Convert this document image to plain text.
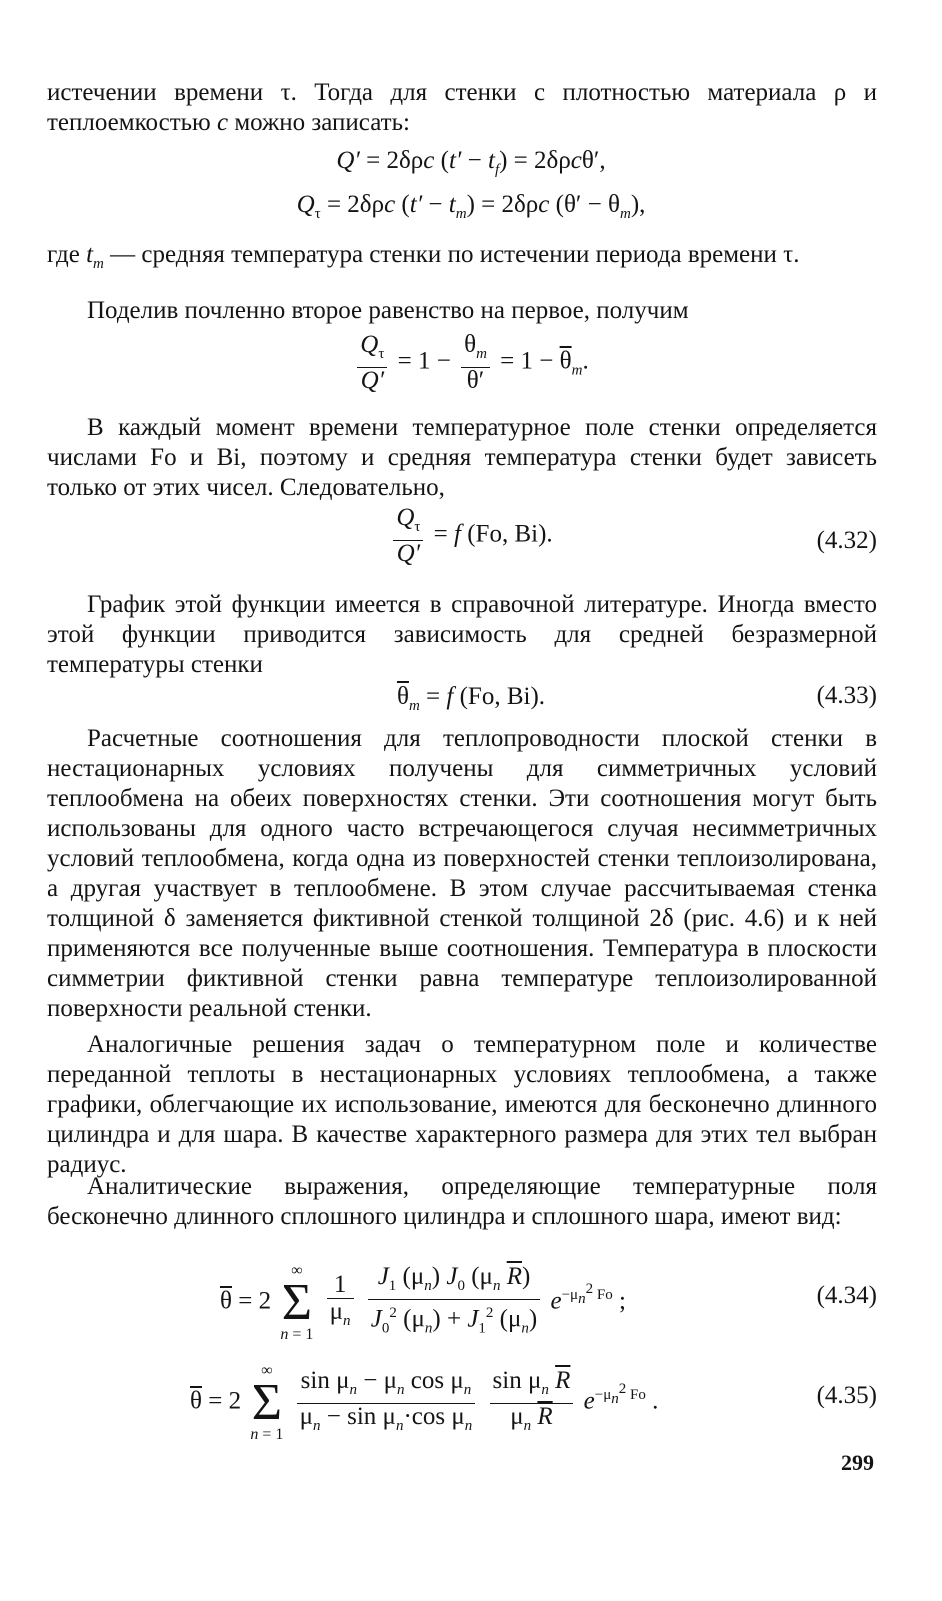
истечении времени τ. Тогда для стенки с плотностью материала ρ и теплоемкостью c можно записать:

Q′ = 2δρc $(t' - t_f) = 2\delta\rho c\theta'$,
$Q_\tau = 2\delta\rho c$ $(t' - t_m) = 2\delta\rho c$ $(\theta' - \theta_m)$,

где $t_m$ — средняя температура стенки по истечении периода времени τ.

Поделив почленно второе равенство на первое, получим

$\frac{Q_\tau}{Q'} = 1 - \frac{\theta_m}{\theta'} = 1 - \overline{\theta}_m$.

В каждый момент времени температурное поле стенки определяется числами Fo и Bi, поэтому и средняя температура стенки будет зависеть только от этих чисел. Следовательно,

$\frac{Q_\tau}{Q'} = f$ (Fo, Bi).	(4.32)

График этой функции имеется в справочной литературе. Иногда вместо этой функции приводится зависимость для средней безразмерной температуры стенки

$\overline{\theta}_m = f$ (Fo, Bi).	(4.33)

Расчетные соотношения для теплопроводности плоской стенки в нестационарных условиях получены для симметричных условий теплообмена на обеих поверхностях стенки. Эти соотношения могут быть использованы для одного часто встречающегося случая несимметричных условий теплообмена, когда одна из поверхностей стенки теплоизолирована, а другая участвует в теплообмене. В этом случае рассчитываемая стенка толщиной δ заменяется фиктивной стенкой толщиной 2δ (рис. 4.6) и к ней применяются все полученные выше соотношения. Температура в плоскости симметрии фиктивной стенки равна температуре теплоизолированной поверхности реальной стенки.

Аналогичные решения задач о температурном поле и количестве переданной теплоты в нестационарных условиях теплообмена, а также графики, облегчающие их использование, имеются для бесконечно длинного цилиндра и для шара. В качестве характерного размера для этих тел выбран радиус.

Аналитические выражения, определяющие температурные поля бесконечно длинного сплошного цилиндра и сплошного шара, имеют вид:

$\overline{\theta} = 2$
∞
Σ
n = 1

$\frac{1}{\mu_n}$
$\frac{J_1 (\mu_n) J_0 (\mu_n \overline{R})}{J_0^2 (\mu_n) + J_1^2 (\mu_n)} e^{-\mu_n^2 Fo}$ ;	(4.34)
$\overline{\theta} = 2$
∞
Σ
n = 1
$\frac{\sin \mu_n - \mu_n \cos \mu_n}{\mu_n - \sin \mu_n\cdot\cos \mu_n}$
$\frac{\sin \mu_n \overline{R}}{\mu_n \overline{R}} e^{-\mu_n^2 Fo}$ .	(4.35)
299
